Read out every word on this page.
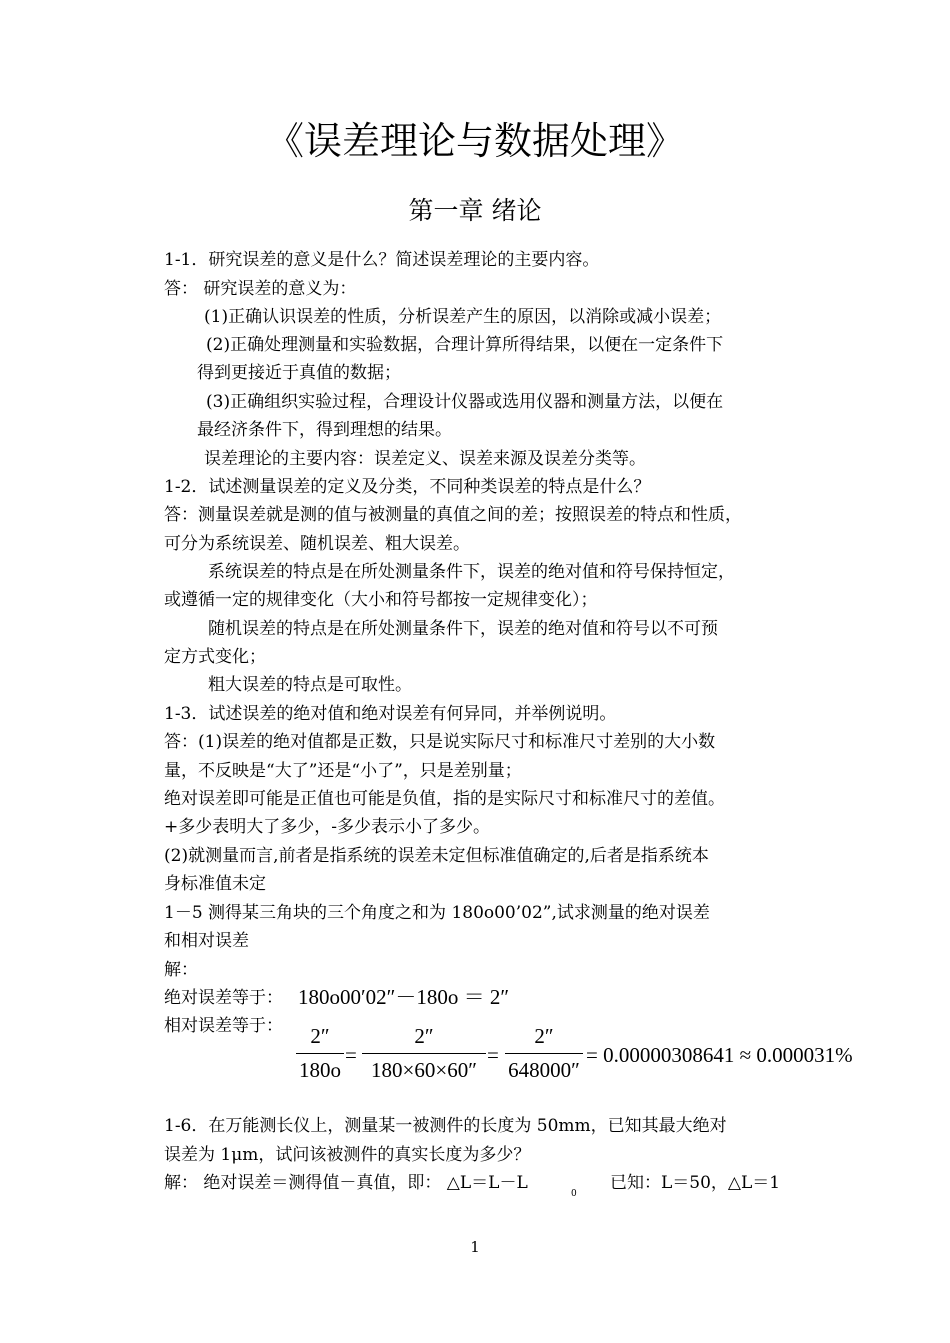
《误差理论与数据处理》
第一章 绪论
1-1．研究误差的意义是什么？简述误差理论的主要内容。
答： 研究误差的意义为：
(1)正确认识误差的性质，分析误差产生的原因，以消除或减小误差；
(2)正确处理测量和实验数据，合理计算所得结果，以便在一定条件下
得到更接近于真值的数据；
(3)正确组织实验过程，合理设计仪器或选用仪器和测量方法，以便在
最经济条件下，得到理想的结果。
误差理论的主要内容：误差定义、误差来源及误差分类等。
1-2．试述测量误差的定义及分类，不同种类误差的特点是什么？
答：测量误差就是测的值与被测量的真值之间的差；按照误差的特点和性质，
可分为系统误差、随机误差、粗大误差。
系统误差的特点是在所处测量条件下，误差的绝对值和符号保持恒定，
或遵循一定的规律变化（大小和符号都按一定规律变化）；
随机误差的特点是在所处测量条件下，误差的绝对值和符号以不可预
定方式变化；
粗大误差的特点是可取性。
1-3．试述误差的绝对值和绝对误差有何异同，并举例说明。
答：(1)误差的绝对值都是正数，只是说实际尺寸和标准尺寸差别的大小数
量，不反映是“大了”还是“小了”，只是差别量；
绝对误差即可能是正值也可能是负值，指的是实际尺寸和标准尺寸的差值。
+多少表明大了多少，-多少表示小了多少。
(2)就测量而言,前者是指系统的误差未定但标准值确定的,后者是指系统本
身标准值未定
1－5 测得某三角块的三个角度之和为 180o00’02”,试求测量的绝对误差
和相对误差
解：
绝对误差等于： 180o00′02″－180o ＝ 2″
相对误差等于：	2″
180o
=
2″
180×60×60″
=
2″
648000″
= 0.00000308641 ≈ 0.000031%
1-6．在万能测长仪上，测量某一被测件的长度为 50mm，已知其最大绝对
误差为 1μm，试问该被测件的真实长度为多少？
解： 绝对误差＝测得值－真值，即： △L＝L－L
0
已知：L＝50，△L＝1
1
